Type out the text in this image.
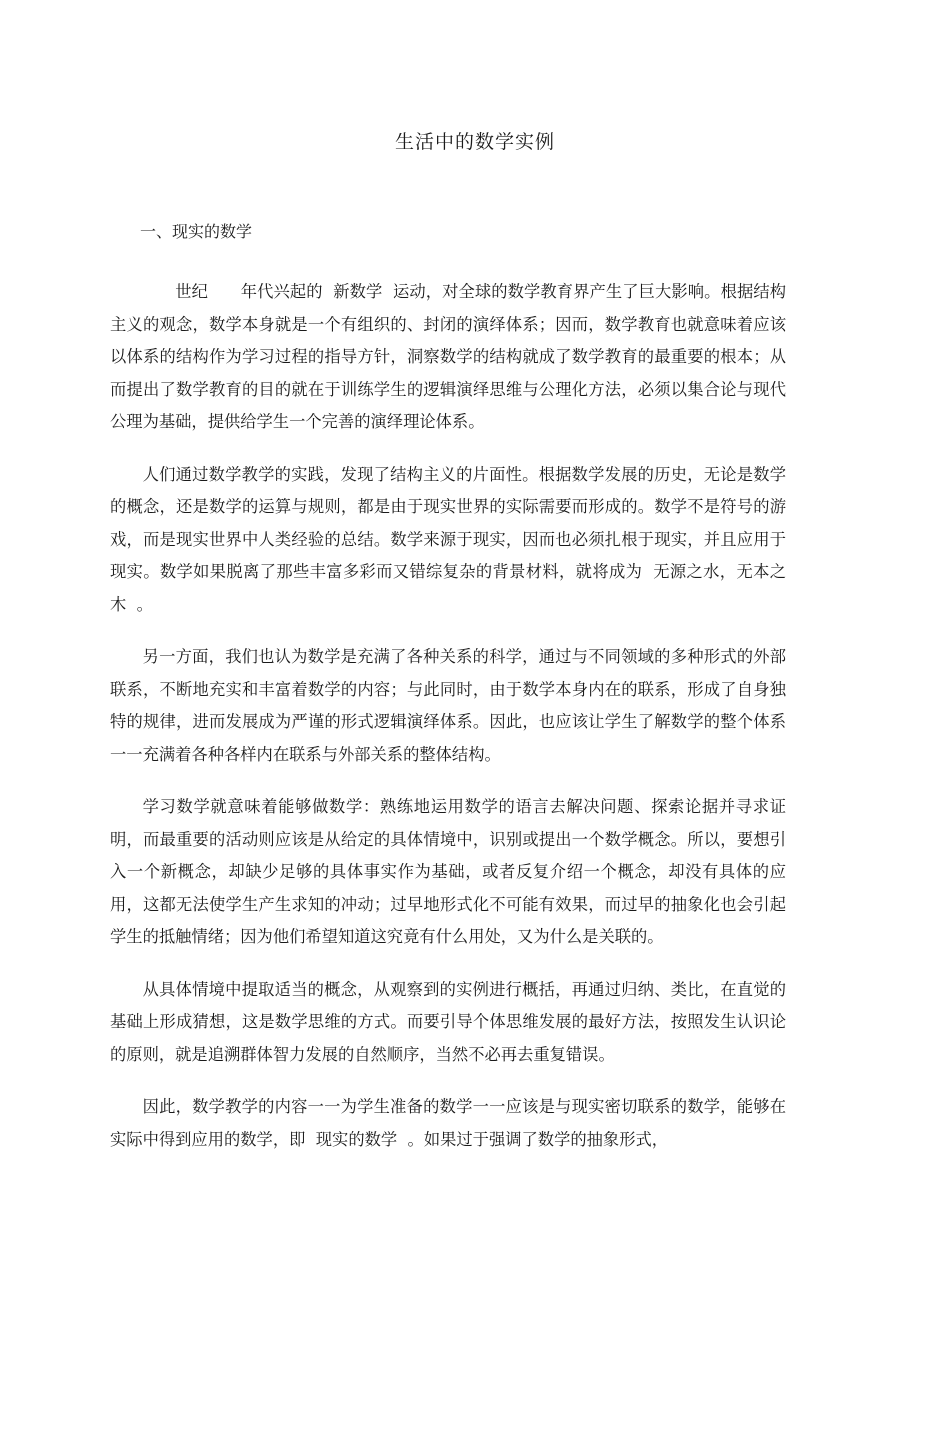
生活中的数学实例
一、现实的数学

世纪 年代兴起的 新数学 运动，对全球的数学教育界产生了巨大影响。根据结构主义的观念，数学本身就是一个有组织的、封闭的演绎体系；因而，数学教育也就意味着应该以体系的结构作为学习过程的指导方针，洞察数学的结构就成了数学教育的最重要的根本；从而提出了数学教育的目的就在于训练学生的逻辑演绎思维与公理化方法，必须以集合论与现代公理为基础，提供给学生一个完善的演绎理论体系。

人们通过数学教学的实践，发现了结构主义的片面性。根据数学发展的历史，无论是数学的概念，还是数学的运算与规则，都是由于现实世界的实际需要而形成的。数学不是符号的游戏，而是现实世界中人类经验的总结。数学来源于现实，因而也必须扎根于现实，并且应用于现实。数学如果脱离了那些丰富多彩而又错综复杂的背景材料，就将成为 无源之水，无本之木 。

另一方面，我们也认为数学是充满了各种关系的科学，通过与不同领域的多种形式的外部联系，不断地充实和丰富着数学的内容；与此同时，由于数学本身内在的联系，形成了自身独特的规律，进而发展成为严谨的形式逻辑演绎体系。因此，也应该让学生了解数学的整个体系一一充满着各种各样内在联系与外部关系的整体结构。

学习数学就意味着能够做数学：熟练地运用数学的语言去解决问题、探索论据并寻求证明，而最重要的活动则应该是从给定的具体情境中，识别或提出一个数学概念。所以，要想引入一个新概念，却缺少足够的具体事实作为基础，或者反复介绍一个概念，却没有具体的应用，这都无法使学生产生求知的冲动；过早地形式化不可能有效果，而过早的抽象化也会引起学生的抵触情绪；因为他们希望知道这究竟有什么用处，又为什么是关联的。

从具体情境中提取适当的概念，从观察到的实例进行概括，再通过归纳、类比，在直觉的基础上形成猜想，这是数学思维的方式。而要引导个体思维发展的最好方法，按照发生认识论的原则，就是追溯群体智力发展的自然顺序，当然不必再去重复错误。

因此，数学教学的内容一一为学生准备的数学一一应该是与现实密切联系的数学，能够在实际中得到应用的数学，即 现实的数学 。如果过于强调了数学的抽象形式，
